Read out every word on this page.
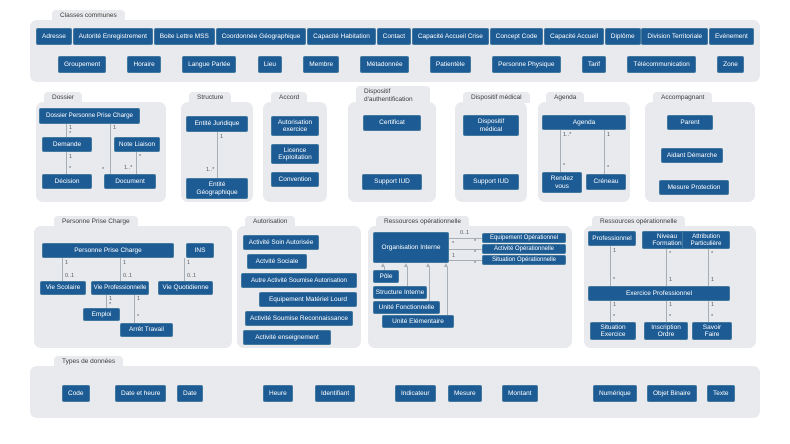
Classes communes
Adresse	Autorité Enregistrement	Boite Lettre MSS	Coordonnée Géographique	Capacité Habitation	Contact	Capacité Accueil Crise	Concept Code	Capacité Accueil	Diplôme	Division Territoriale	Evénement
Groupement	Horaire	Langue Parlée	Lieu	Membre	Métadonnée	Patientèle	Personne Physique	Tarif	Télécommunication	Zone
Dossier
1
*
1
*
1
*
*
1..*
Dossier Personne Prise Charge
Demande	Note Liaison
Décision	Document
Structure
1
1..*
Entité Juridique
Entité Géographique
Accord
Autorisation exercice
Licence Exploitation
Convention
Dispositif d'authentification
Certificat
Support IUD
Dispositif médical
Dispositif médical
Support IUD
Agenda
1..*	1
*	*
Agenda
Rendez vous
Créneau
Accompagnant
Parent
Aidant Démarche
Mesure Protection
Personne Prise Charge
1
0..1
1
0..1
1
0..1
1
*
1
*
Personne Prise Charge	INS
Vie Scolaire	Vie Professionnelle	Vie Quotidienne
Emploi
Arrêt Travail
Autorisation
Activité Soin Autorisée
Actvité Sociale
Autre Activité Soumise Autorisation
Equipement Matériel Lourd
Activité Soumise Reconnaissance
Activité enseignement
Ressources opérationnelle
0..1
*
*
*
1
*
Organisation Interne
Equipement Opérationnel
Activité Opérationnelle
Situation Opérationnelle
Pôle
Structure Interne
Unité Fonctionnelle
Unité Elémentaire
Ressources opérationnelle
1
*
*
1
*
1
1
*
1
*
1
*
Professionnel	Niveau Formation
Attribution Particulière
Exercice Professionnel
Situation Exercice
Inscription Ordre
Savoir Faire
Types de données
Code	Date et heure	Date	Heure	Identifiant	Indicateur	Mesure	Montant	Numérique	Objet Binaire	Texte
